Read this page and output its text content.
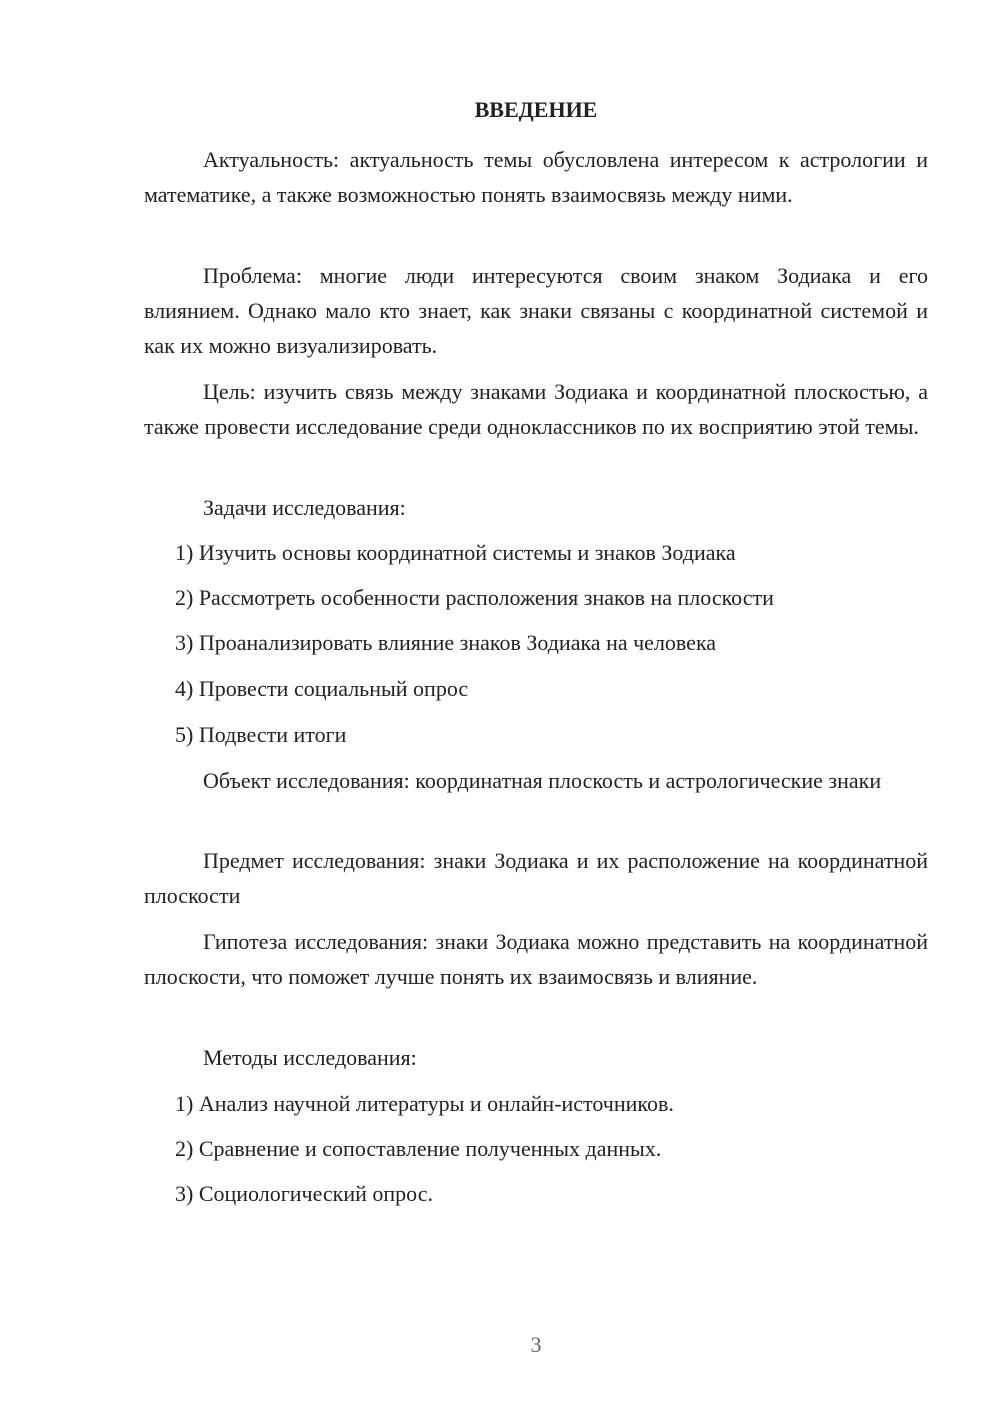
ВВЕДЕНИЕ

Актуальность: актуальность темы обусловлена интересом к астрологии и математике, а также возможностью понять взаимосвязь между ними.

Проблема: многие люди интересуются своим знаком Зодиака и его влиянием. Однако мало кто знает, как знаки связаны с координатной системой и как их можно визуализировать.

Цель: изучить связь между знаками Зодиака и координатной плоскостью, а также провести исследование среди одноклассников по их восприятию этой темы.

Задачи исследования:

1) Изучить основы координатной системы и знаков Зодиака

2) Рассмотреть особенности расположения знаков на плоскости

3) Проанализировать влияние знаков Зодиака на человека

4) Провести социальный опрос

5) Подвести итоги

Объект исследования: координатная плоскость и астрологические знаки

Предмет исследования: знаки Зодиака и их расположение на координатной плоскости

Гипотеза исследования: знаки Зодиака можно представить на координатной плоскости, что поможет лучше понять их взаимосвязь и влияние.

Методы исследования:

1) Анализ научной литературы и онлайн-источников.

2) Сравнение и сопоставление полученных данных.

3) Социологический опрос.

3
